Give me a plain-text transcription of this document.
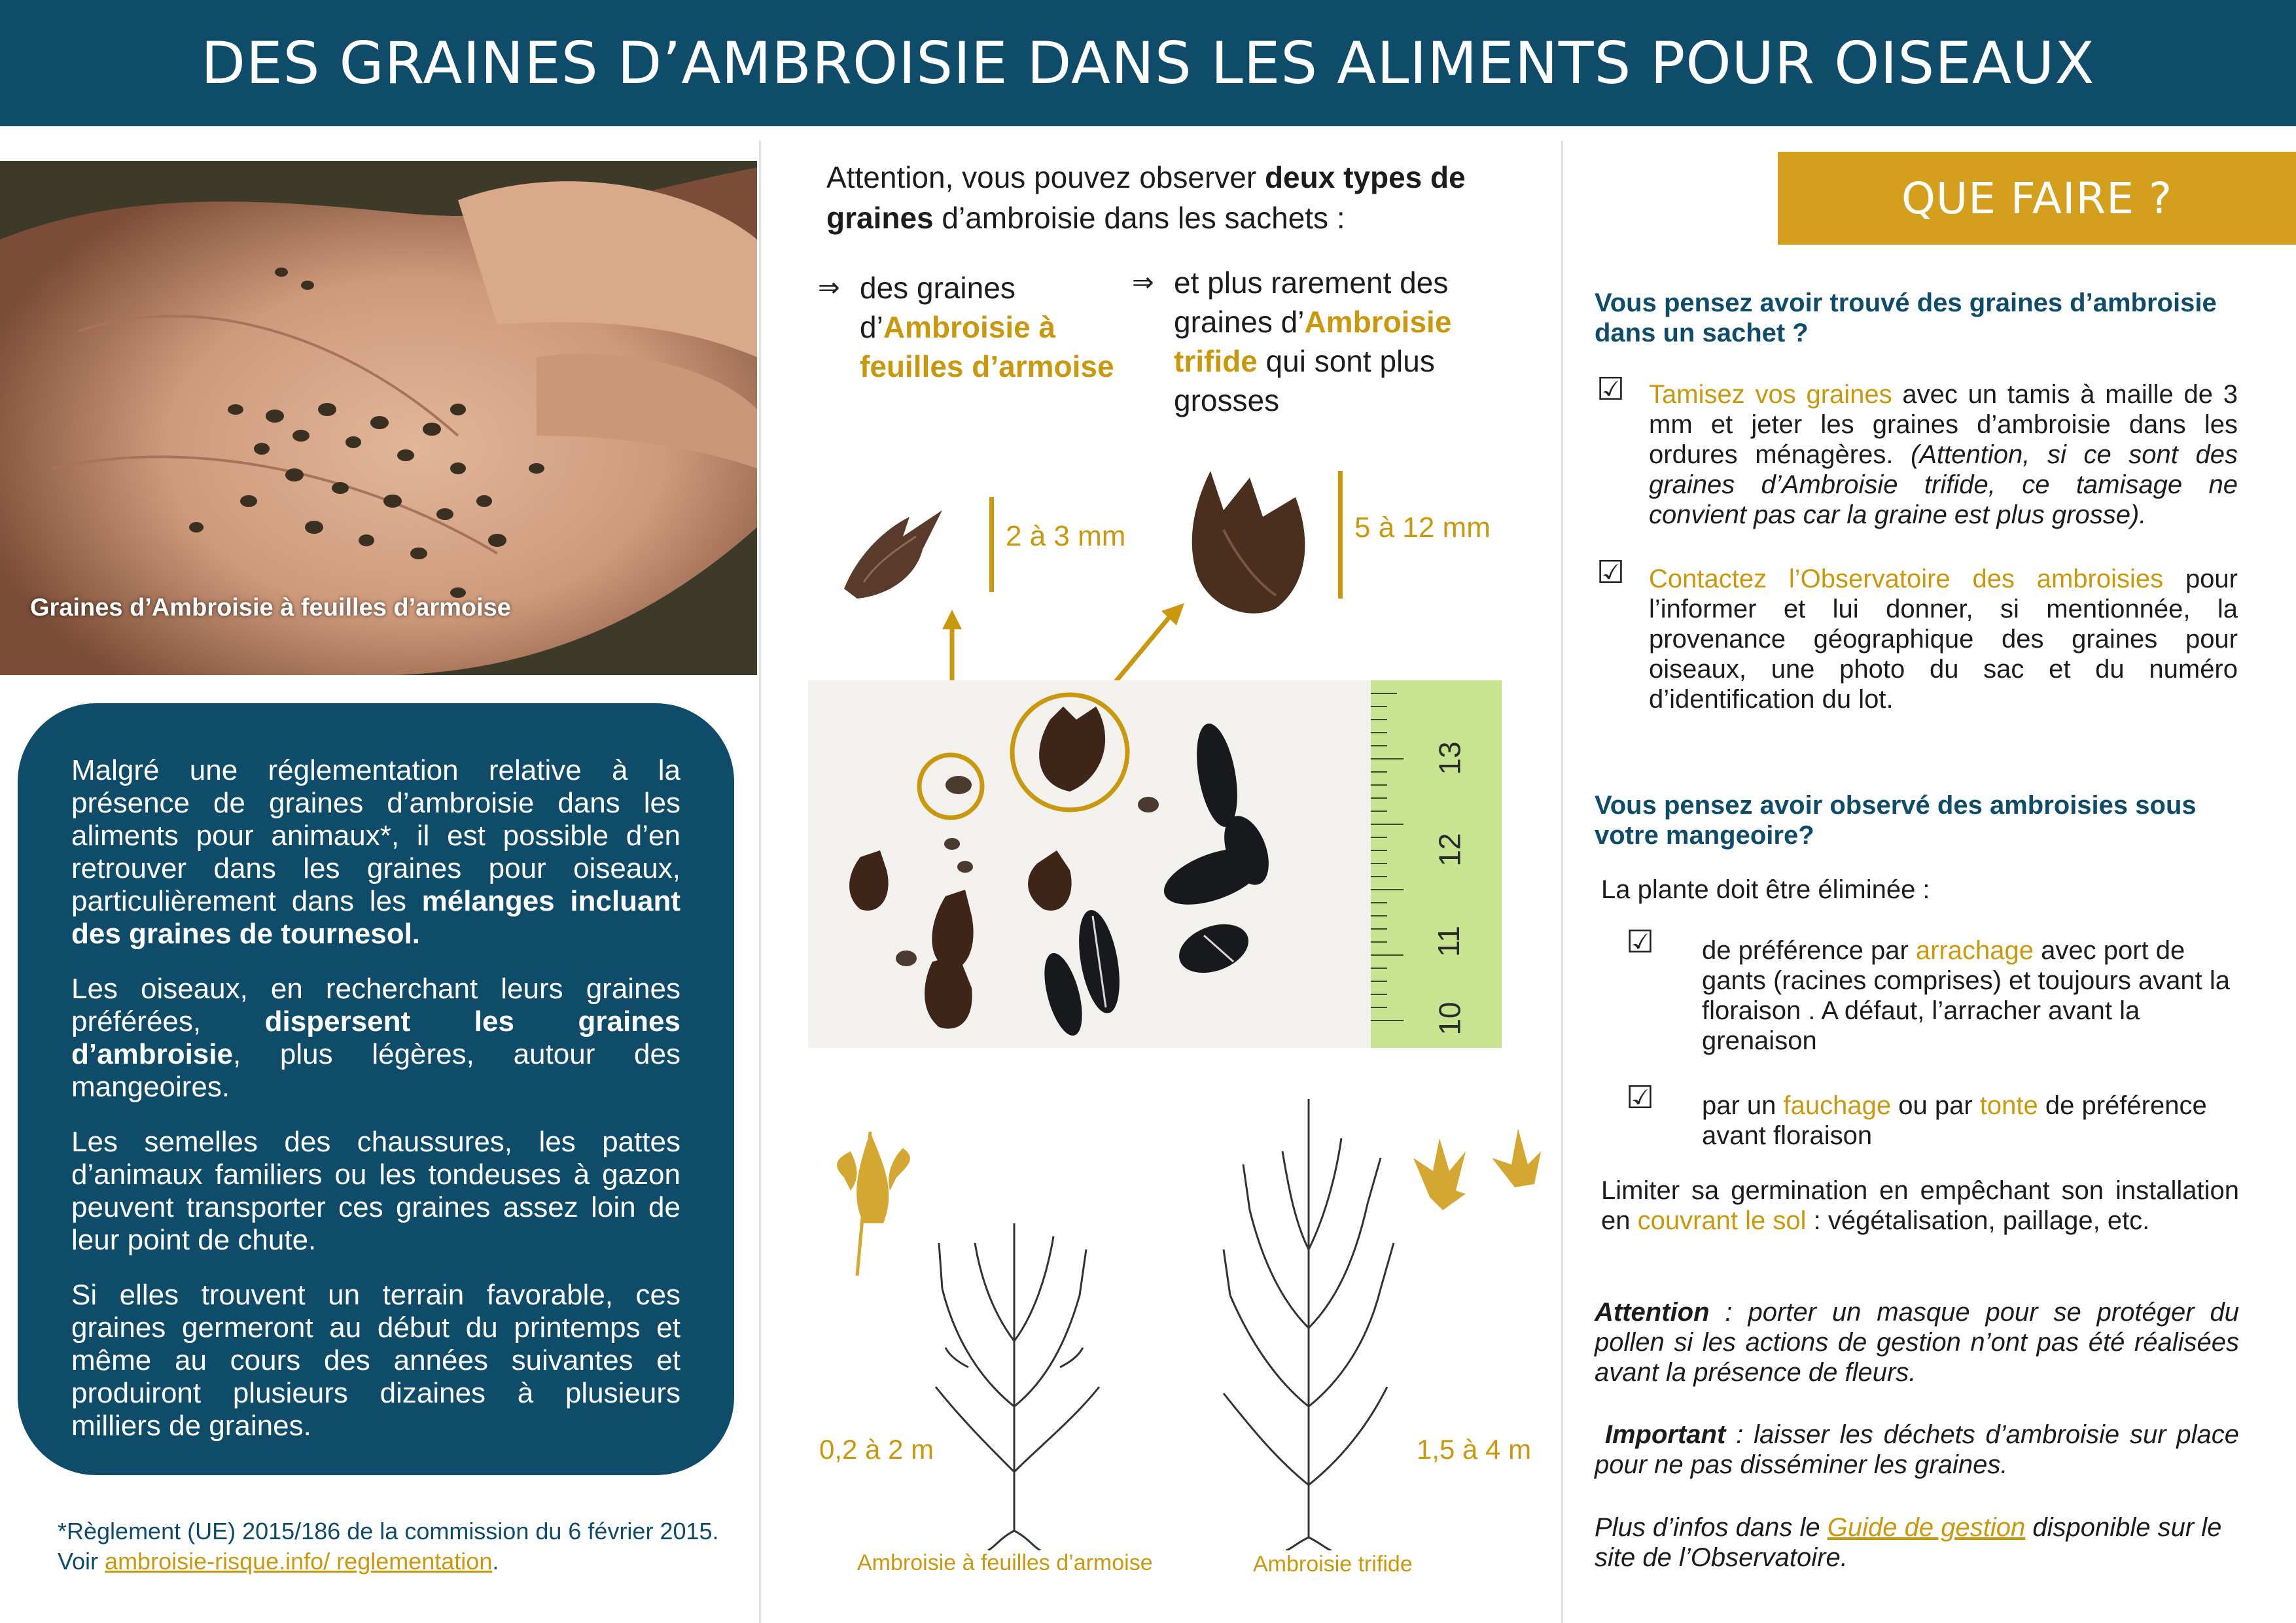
DES GRAINES D’AMBROISIE DANS LES ALIMENTS POUR OISEAUX
Graines d’Ambroisie à feuilles d’armoise

Malgré une réglementation relative à la présence de graines d’ambroisie dans les aliments pour animaux*, il est possible d’en retrouver dans les graines pour oiseaux, particulièrement dans les mélanges incluant des graines de tournesol.

Les oiseaux, en recherchant leurs graines préférées, dispersent les graines d’ambroisie, plus légères, autour des mangeoires.

Les semelles des chaussures, les pattes d’animaux familiers ou les tondeuses à gazon peuvent transporter ces graines assez loin de leur point de chute.

Si elles trouvent un terrain favorable, ces graines germeront au début du printemps et même au cours des années suivantes et produiront plusieurs dizaines à plusieurs milliers de graines.

*Règlement (UE) 2015/186 de la commission du 6 février 2015. Voir ambroisie-risque.info/ reglementation.
Attention, vous pouvez observer deux types de graines d’ambroisie dans les sachets :
⇒ des graines d’Ambroisie à feuilles d’armoise
⇒ et plus rarement des graines d’Ambroisie trifide qui sont plus grosses
2 à 3 mm	5 à 12 mm
13
12
11
10
0,2 à 2 m	1,5 à 4 m
Ambroisie à feuilles d’armoise	Ambroisie trifide
QUE FAIRE ?
Vous pensez avoir trouvé des graines d’ambroisie dans un sachet ?
☑ Tamisez vos graines avec un tamis à maille de 3 mm et jeter les graines d’ambroisie dans les ordures ménagères. (Attention, si ce sont des graines d’Ambroisie trifide, ce tamisage ne convient pas car la graine est plus grosse).
☑ Contactez l’Observatoire des ambroisies pour l’informer et lui donner, si mentionnée, la provenance géographique des graines pour oiseaux, une photo du sac et du numéro d’identification du lot.
Vous pensez avoir observé des ambroisies sous votre mangeoire?
La plante doit être éliminée :
☑ de préférence par arrachage avec port de gants (racines comprises) et toujours avant la floraison . A défaut, l’arracher avant la grenaison
☑ par un fauchage ou par tonte de préférence avant floraison
Limiter sa germination en empêchant son installation en couvrant le sol : végétalisation, paillage, etc.
Attention : porter un masque pour se protéger du pollen si les actions de gestion n’ont pas été réalisées avant la présence de fleurs.
Important : laisser les déchets d’ambroisie sur place pour ne pas disséminer les graines.
Plus d’infos dans le Guide de gestion disponible sur le site de l’Observatoire.
